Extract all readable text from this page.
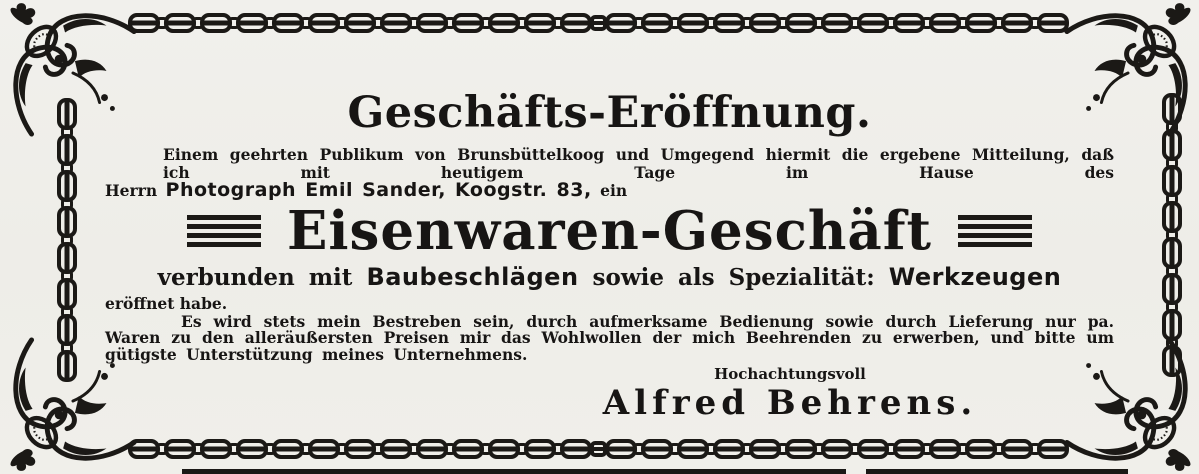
Geschäfts-Eröffnung.
Einem geehrten Publikum von Brunsbüttelkoog und Umgegend hiermit die ergebene Mitteilung, daß ich mit heutigem Tage im Hause des
Herrn Photograph Emil Sander, Koogstr. 83, ein
Eisenwaren-Geschäft
verbunden mit Baubeschlägen sowie als Spezialität: Werkzeugen
eröffnet habe.
Es wird stets mein Bestreben sein, durch aufmerksame Bedienung sowie durch Lieferung nur pa. Waren zu den alleräußersten Preisen mir das Wohlwollen der mich Beehrenden zu erwerben, und bitte um gütigste Unterstützung meines Unternehmens.
Hochachtungsvoll
Alfred Behrens.
